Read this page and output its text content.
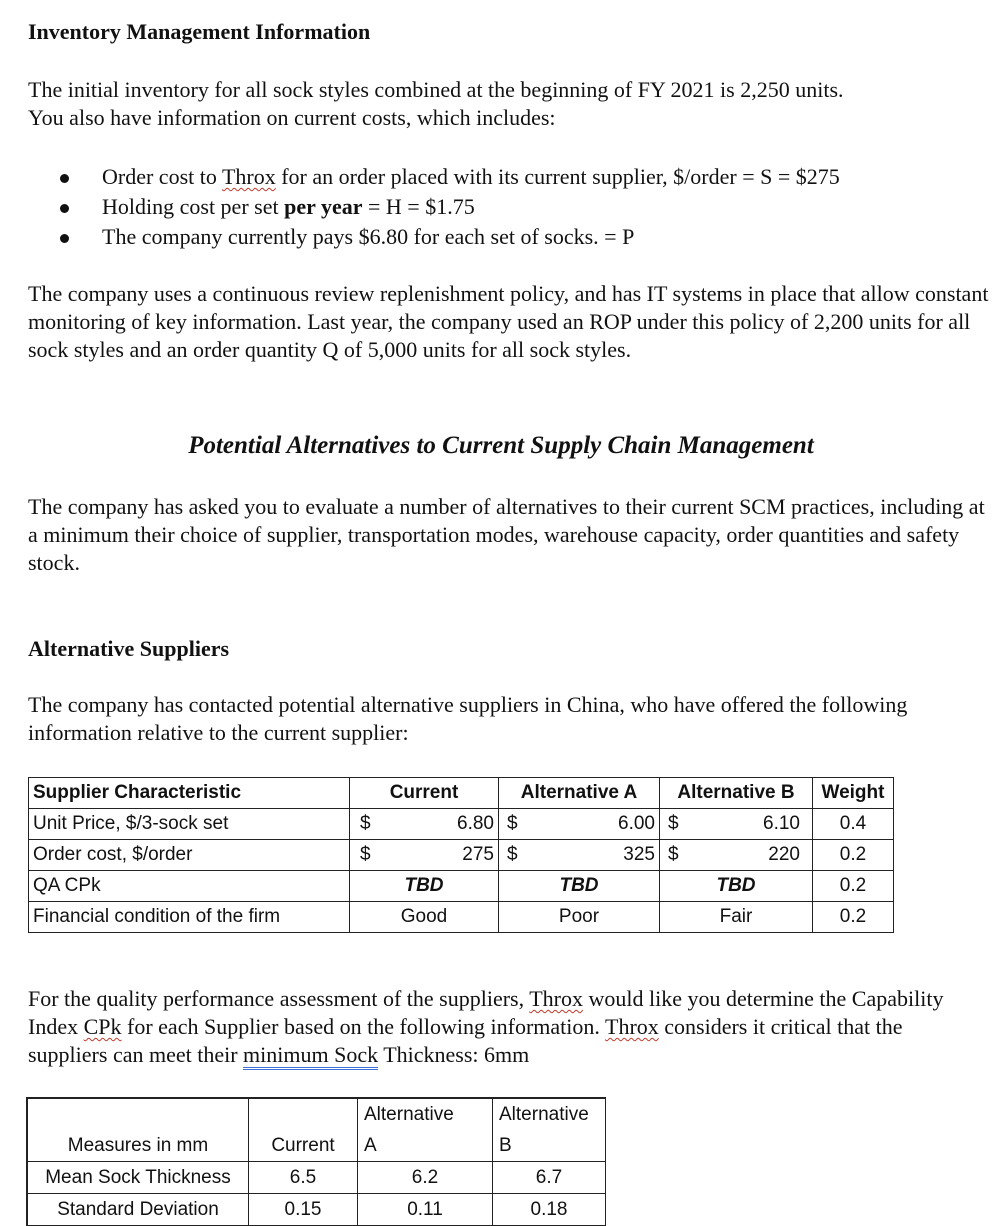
Inventory Management Information

The initial inventory for all sock styles combined at the beginning of FY 2021 is 2,250 units.
You also have information on current costs, which includes:

Order cost to Throx for an order placed with its current supplier, $/order = S = $275
Holding cost per set per year = H = $1.75
The company currently pays $6.80 for each set of socks. = P

The company uses a continuous review replenishment policy, and has IT systems in place that allow constant monitoring of key information. Last year, the company used an ROP under this policy of 2,200 units for all sock styles and an order quantity Q of 5,000 units for all sock styles.

Potential Alternatives to Current Supply Chain Management

The company has asked you to evaluate a number of alternatives to their current SCM practices, including at a minimum their choice of supplier, transportation modes, warehouse capacity, order quantities and safety stock.

Alternative Suppliers

The company has contacted potential alternative suppliers in China, who have offered the following information relative to the current supplier:

Supplier Characteristic	Current		Alternative A		Alternative B		Weight
Unit Price, $/3-sock set	$	6.80	$	6.00	$	6.10	0.4
Order cost, $/order	$	275	$	325	$	220	0.2
QA CPk	TBD		TBD		TBD		0.2
Financial condition of the firm	Good		Poor		Fair		0.2

For the quality performance assessment of the suppliers, Throx would like you determine the Capability Index CPk for each Supplier based on the following information. Throx considers it critical that the suppliers can meet their minimum Sock Thickness: 6mm

		Alternative	Alternative
Measures in mm	Current	A	B
Mean Sock Thickness	6.5	6.2	6.7
Standard Deviation	0.15	0.11	0.18
